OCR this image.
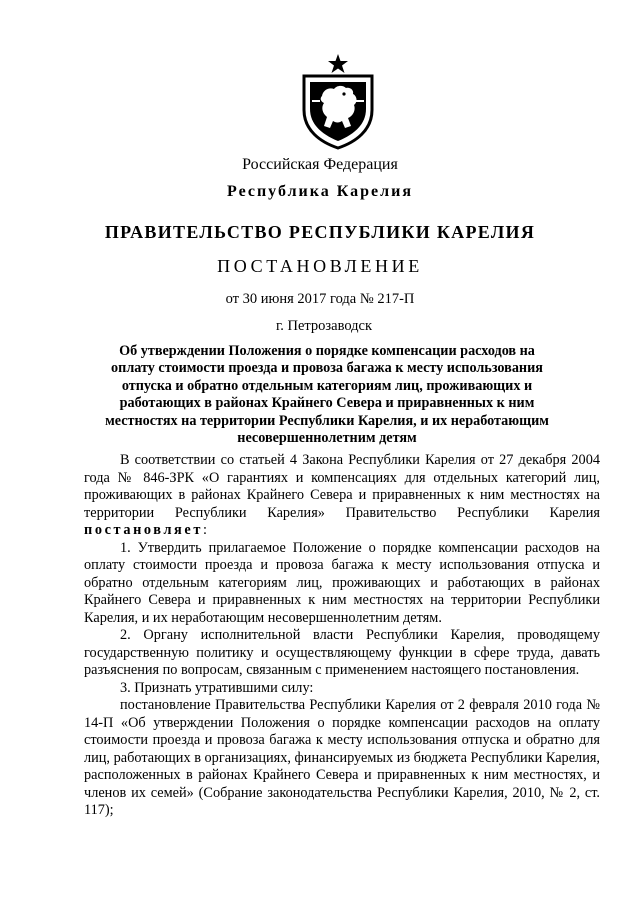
Российская Федерация
Республика Карелия
ПРАВИТЕЛЬСТВО РЕСПУБЛИКИ КАРЕЛИЯ
ПОСТАНОВЛЕНИЕ
от 30 июня 2017 года № 217-П
г. Петрозаводск
Об утверждении Положения о порядке компенсации расходов на оплату стоимости проезда и провоза багажа к месту использования отпуска и обратно отдельным категориям лиц, проживающих и работающих в районах Крайнего Севера и приравненных к ним местностях на территории Республики Карелия, и их неработающим несовершеннолетним детям

В соответствии со статьей 4 Закона Республики Карелия от 27 декабря 2004 года № 846-ЗРК «О гарантиях и компенсациях для отдельных категорий лиц, проживающих в районах Крайнего Севера и приравненных к ним местностях на территории Республики Карелия» Правительство Республики Карелия постановляет:

1. Утвердить прилагаемое Положение о порядке компенсации расходов на оплату стоимости проезда и провоза багажа к месту использования отпуска и обратно отдельным категориям лиц, проживающих и работающих в районах Крайнего Севера и приравненных к ним местностях на территории Республики Карелия, и их неработающим несовершеннолетним детям.

2. Органу исполнительной власти Республики Карелия, проводящему государственную политику и осуществляющему функции в сфере труда, давать разъяснения по вопросам, связанным с применением настоящего постановления.

3. Признать утратившими силу:

постановление Правительства Республики Карелия от 2 февраля 2010 года № 14-П «Об утверждении Положения о порядке компенсации расходов на оплату стоимости проезда и провоза багажа к месту использования отпуска и обратно для лиц, работающих в организациях, финансируемых из бюджета Республики Карелия, расположенных в районах Крайнего Севера и приравненных к ним местностях, и членов их семей» (Собрание законодательства Республики Карелия, 2010, № 2, ст. 117);
